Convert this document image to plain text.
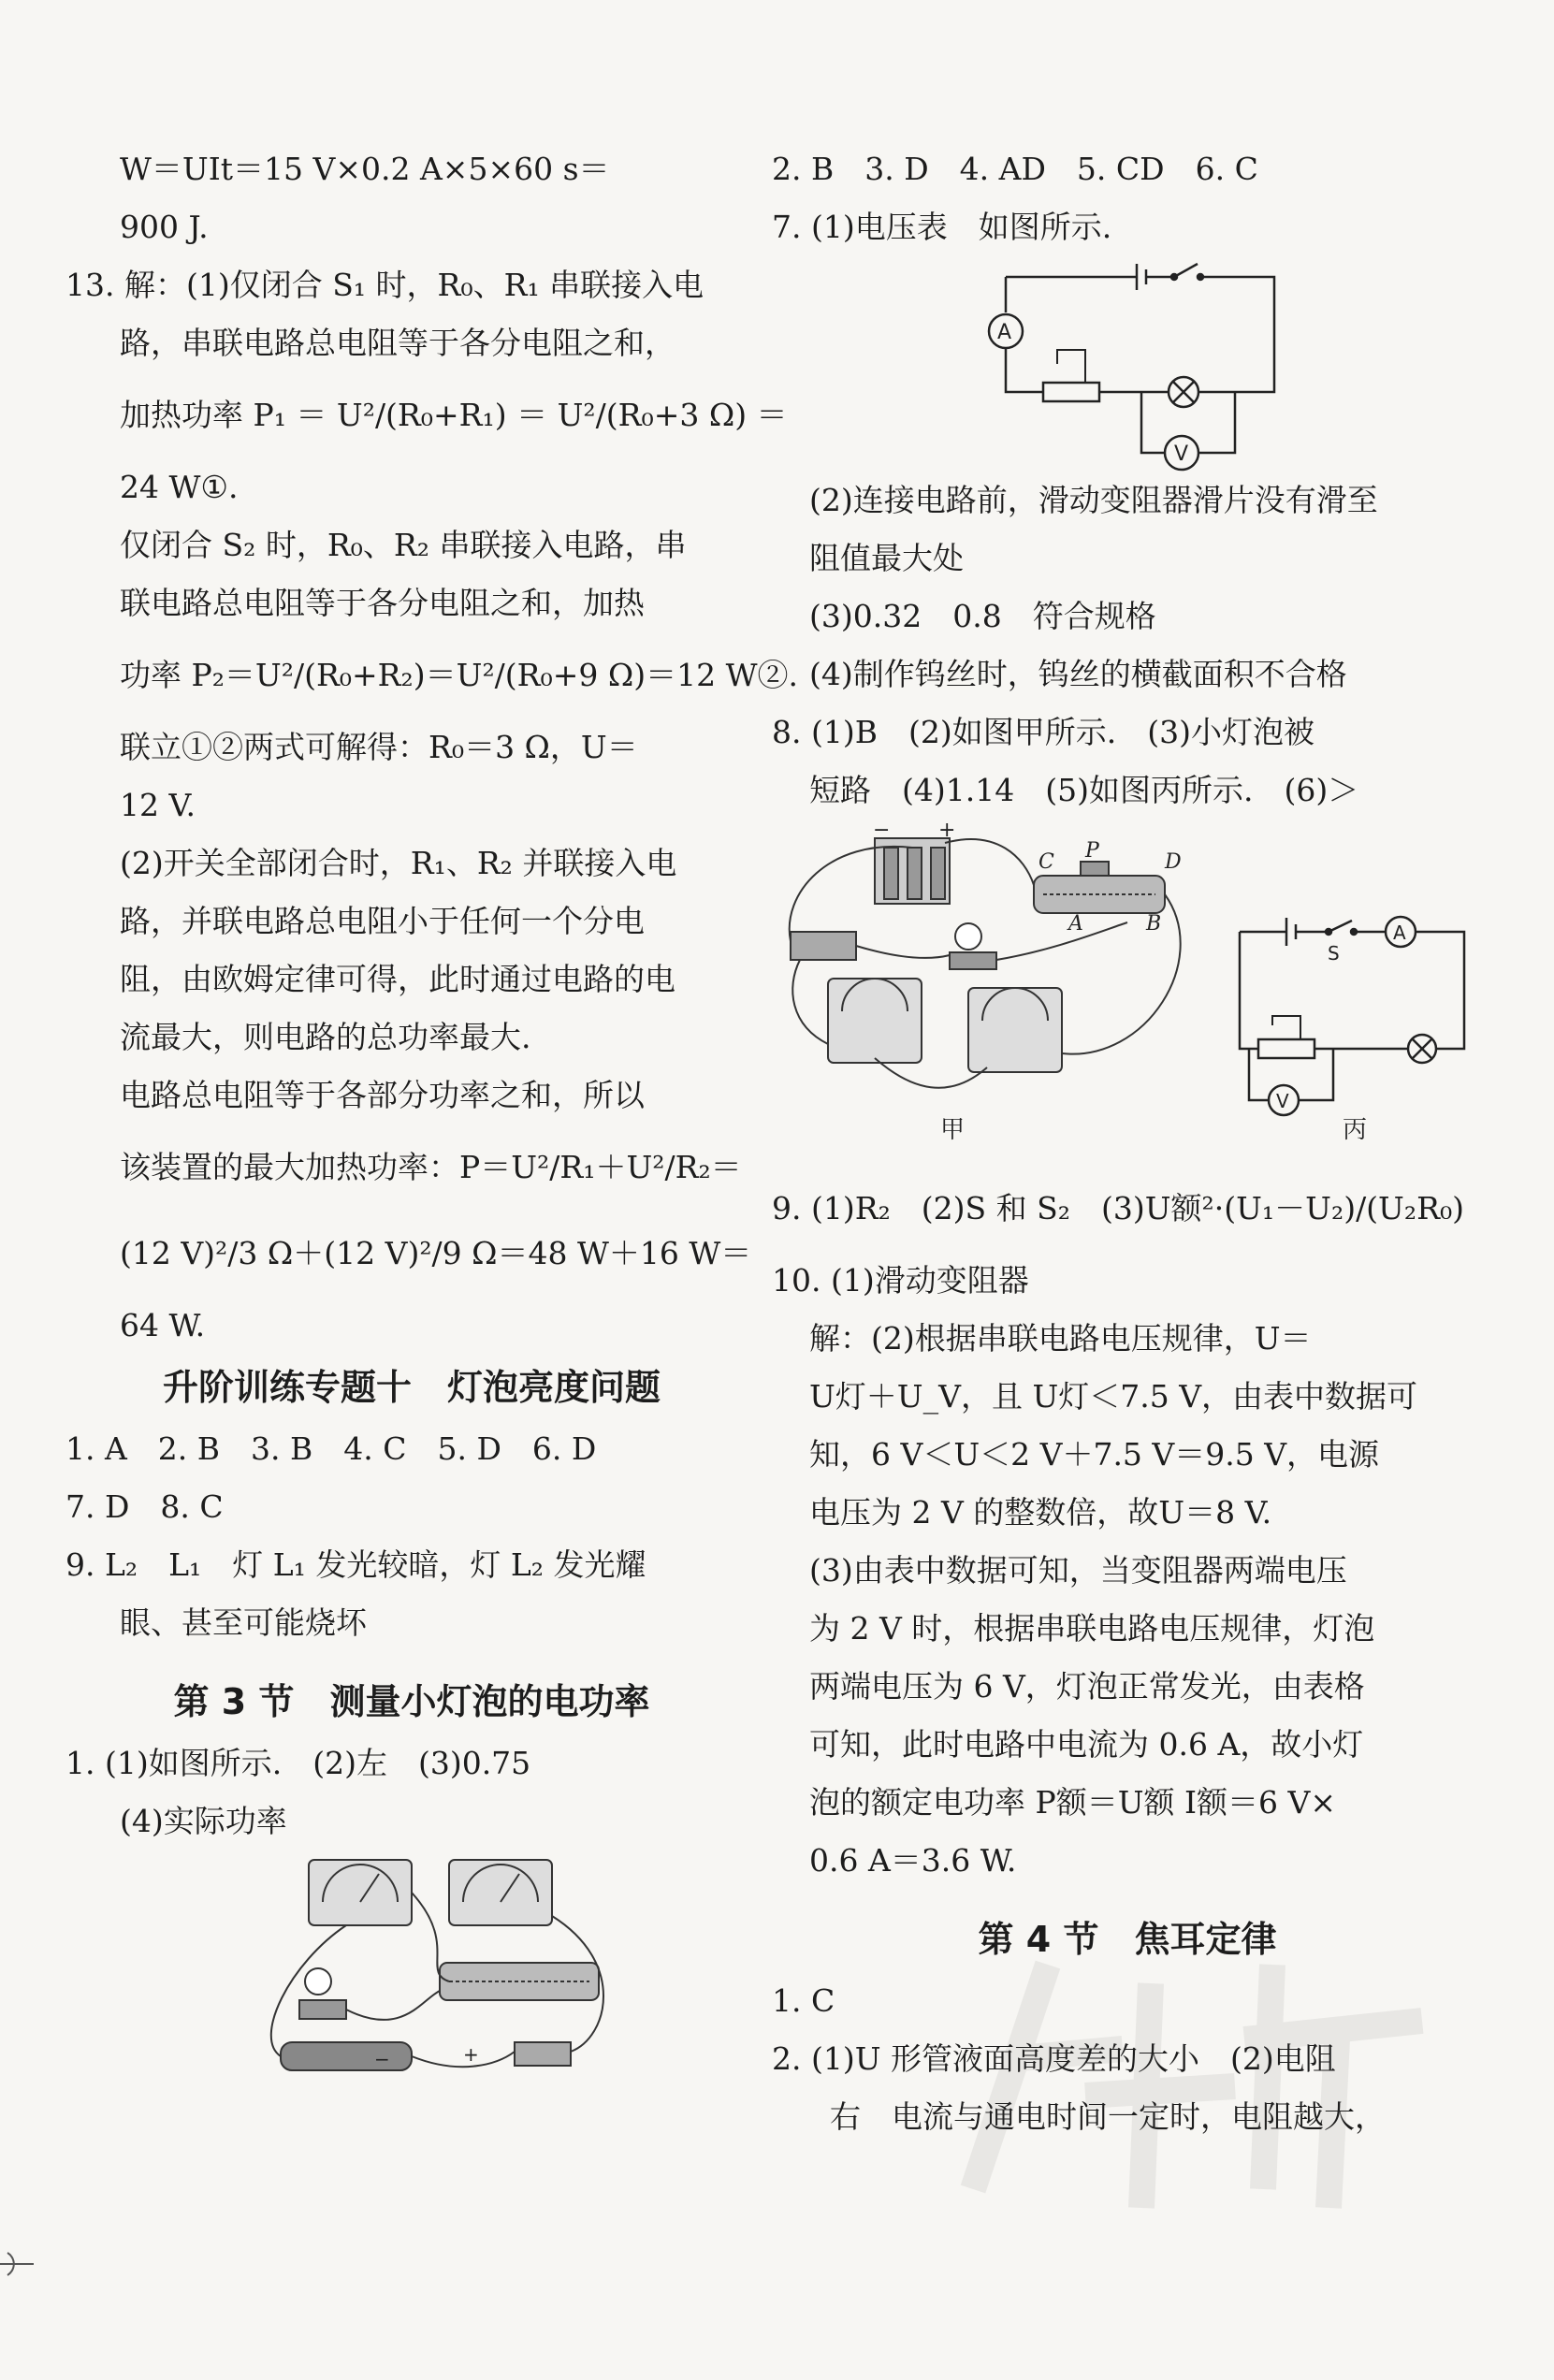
W＝UIt＝15 V×0.2 A×5×60 s＝
900 J.
13. 解：(1)仅闭合 S₁ 时，R₀、R₁ 串联接入电
路，串联电路总电阻等于各分电阻之和，
加热功率 P₁ ＝ U²/(R₀+R₁) ＝ U²/(R₀+3 Ω) ＝
24 W①.
仅闭合 S₂ 时，R₀、R₂ 串联接入电路，串
联电路总电阻等于各分电阻之和，加热
功率 P₂＝U²/(R₀+R₂)＝U²/(R₀+9 Ω)＝12 W②.
联立①②两式可解得：R₀＝3 Ω，U＝
12 V.
(2)开关全部闭合时，R₁、R₂ 并联接入电
路，并联电路总电阻小于任何一个分电
阻，由欧姆定律可得，此时通过电路的电
流最大，则电路的总功率最大.
电路总电阻等于各部分功率之和，所以
该装置的最大加热功率：P＝U²/R₁＋U²/R₂＝
(12 V)²/3 Ω＋(12 V)²/9 Ω＝48 W＋16 W＝
64 W.
升阶训练专题十　灯泡亮度问题
1. A　2. B　3. B　4. C　5. D　6. D
7. D　8. C
9. L₂　L₁　灯 L₁ 发光较暗，灯 L₂ 发光耀
眼、甚至可能烧坏
第 3 节　测量小灯泡的电功率
1. (1)如图所示.　(2)左　(3)0.75
(4)实际功率
−	+
2. B　3. D　4. AD　5. CD　6. C
7. (1)电压表　如图所示.
A
V
(2)连接电路前，滑动变阻器滑片没有滑至
阻值最大处
(3)0.32　0.8　符合规格
(4)制作钨丝时，钨丝的横截面积不合格
8. (1)B　(2)如图甲所示.　(3)小灯泡被
短路　(4)1.14　(5)如图丙所示.　(6)＞
− +
C P	D
A	B
甲
S
A
V
丙
9. (1)R₂　(2)S 和 S₂　(3)U额²·(U₁－U₂)/(U₂R₀)
10. (1)滑动变阻器
解：(2)根据串联电路电压规律，U＝
U灯＋U_V，且 U灯＜7.5 V，由表中数据可
知，6 V＜U＜2 V＋7.5 V＝9.5 V，电源
电压为 2 V 的整数倍，故U＝8 V.
(3)由表中数据可知，当变阻器两端电压
为 2 V 时，根据串联电路电压规律，灯泡
两端电压为 6 V，灯泡正常发光，由表格
可知，此时电路中电流为 0.6 A，故小灯
泡的额定电功率 P额＝U额 I额＝6 V×
0.6 A＝3.6 W.
第 4 节　焦耳定律
1. C
2. (1)U 形管液面高度差的大小　(2)电阻
右　电流与通电时间一定时，电阻越大，
